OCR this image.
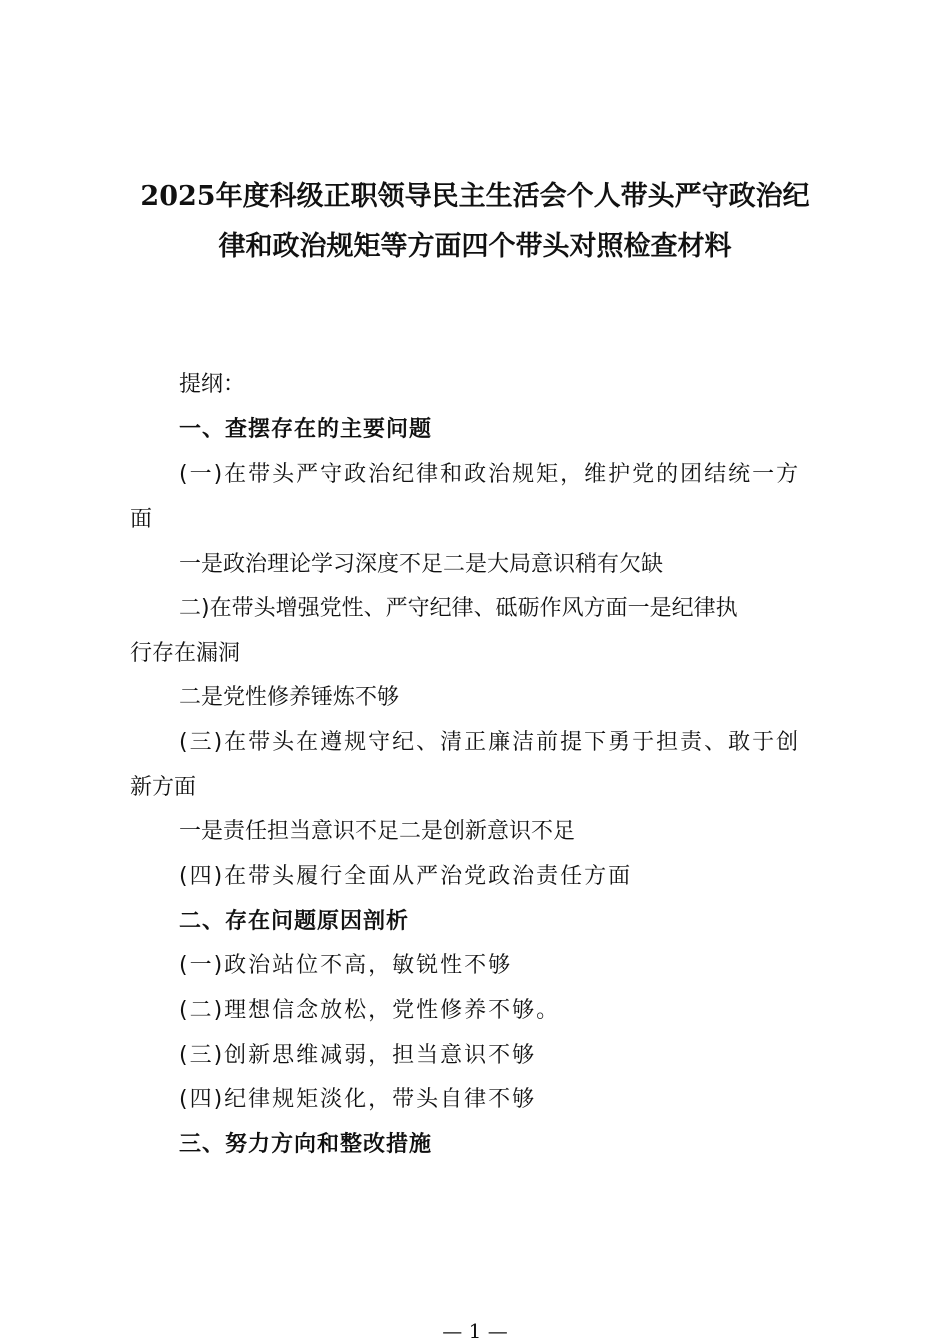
2025年度科级正职领导民主生活会个人带头严守政治纪
律和政治规矩等方面四个带头对照检查材料
提纲：
一、查摆存在的主要问题
(一)在带头严守政治纪律和政治规矩，维护党的团结统一方
面
一是政治理论学习深度不足二是大局意识稍有欠缺
二)在带头增强党性、严守纪律、砥砺作风方面一是纪律执
行存在漏洞
二是党性修养锤炼不够
(三)在带头在遵规守纪、清正廉洁前提下勇于担责、敢于创
新方面
一是责任担当意识不足二是创新意识不足
(四)在带头履行全面从严治党政治责任方面
二、存在问题原因剖析
(一)政治站位不高，敏锐性不够
(二)理想信念放松，党性修养不够。
(三)创新思维减弱，担当意识不够
(四)纪律规矩淡化，带头自律不够
三、努力方向和整改措施
— 1 —
